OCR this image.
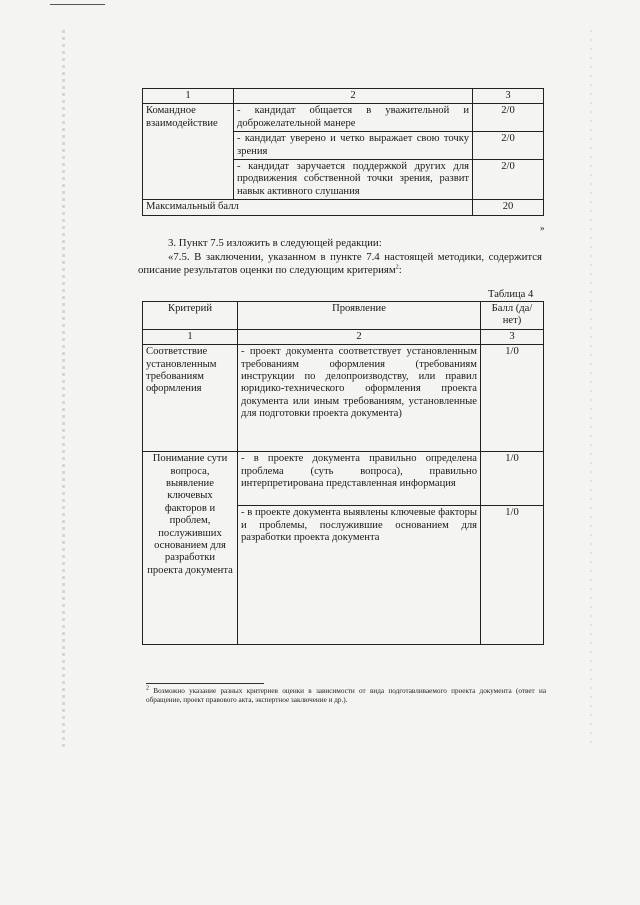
1	2	3
Командное взаимодействие	- кандидат общается в уважительной и доброжелательной манере	2/0
	- кандидат уверено и четко выражает свою точку зрения	2/0
	- кандидат заручается поддержкой других для продвижения собственной точки зрения, развит навык активного слушания	2/0
Максимальный балл		20
»
3. Пункт 7.5 изложить в следующей редакции:
«7.5. В заключении, указанном в пункте 7.4 настоящей методики, содержится описание результатов оценки по следующим критериям$^2$:
Таблица 4
Критерий	Проявление	Балл (да/нет)
1	2	3
Соответствие установленным требованиям оформления	- проект документа соответствует установленным требованиям оформления (требованиям инструкции по делопроизводству, или правил юридико-технического оформления проекта документа или иным требованиям, установленные для подготовки проекта документа)	1/0
Понимание сути вопроса, выявление ключевых факторов и проблем, послуживших основанием для разработки проекта документа	- в проекте документа правильно определена проблема (суть вопроса), правильно интерпретирована представленная информация	1/0
	- в проекте документа выявлены ключевые факторы и проблемы, послужившие основанием для разработки проекта документа	1/0
$^2$ Возможно указание разных критериев оценки в зависимости от вида подготавливаемого проекта документа (ответ на обращение, проект правового акта, экспертное заключение и др.).
